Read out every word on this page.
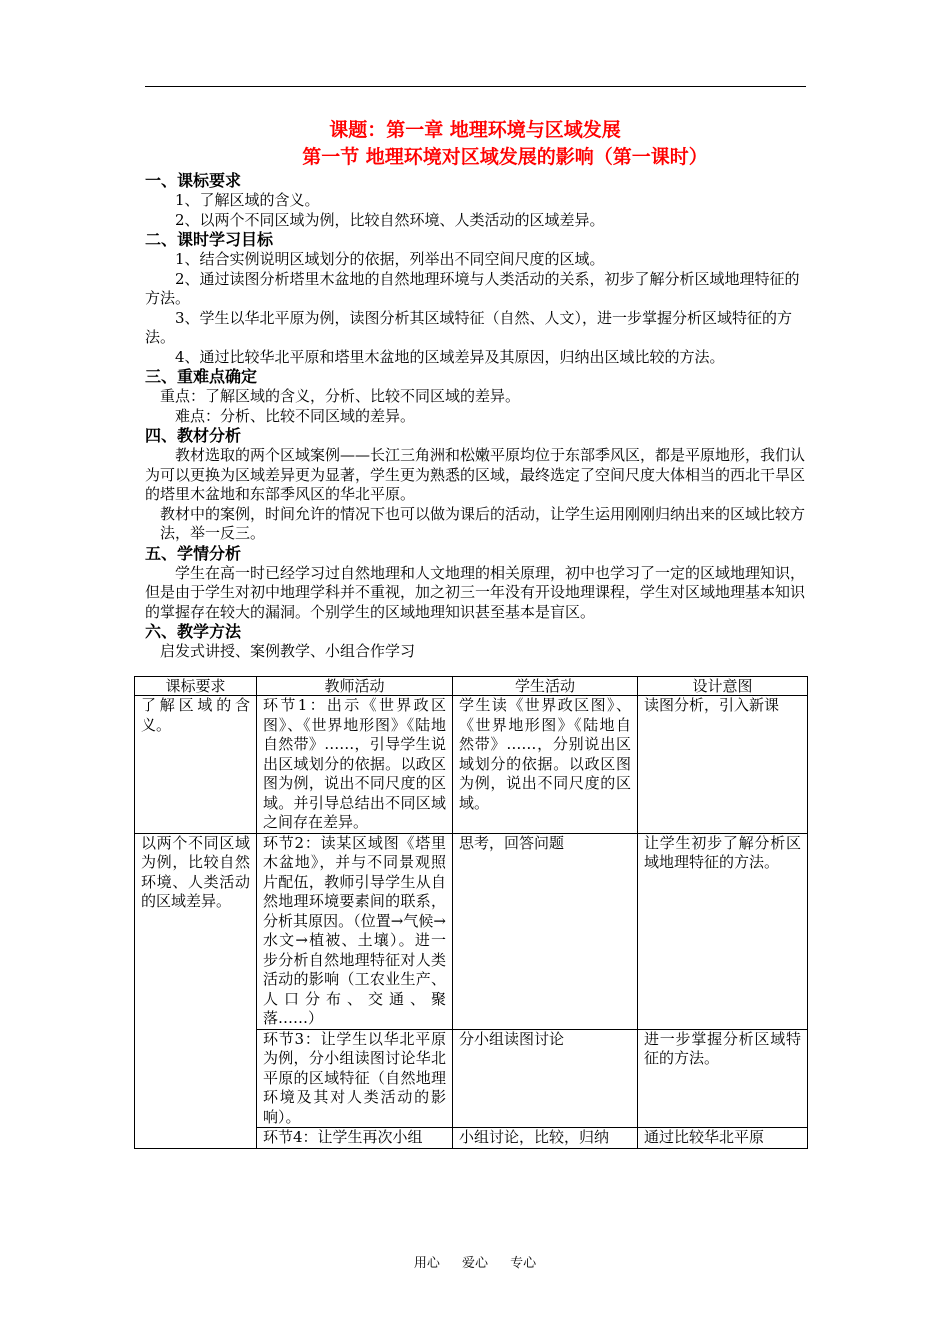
课题：第一章 地理环境与区域发展
第一节 地理环境对区域发展的影响（第一课时）

一、课标要求

1、了解区域的含义。

2、以两个不同区域为例，比较自然环境、人类活动的区域差异。

二、课时学习目标

1、结合实例说明区域划分的依据，列举出不同空间尺度的区域。

2、通过读图分析塔里木盆地的自然地理环境与人类活动的关系，初步了解分析区域地理特征的方法。

3、学生以华北平原为例，读图分析其区域特征（自然、人文），进一步掌握分析区域特征的方法。

4、通过比较华北平原和塔里木盆地的区域差异及其原因，归纳出区域比较的方法。

三、重难点确定

重点：了解区域的含义，分析、比较不同区域的差异。

难点：分析、比较不同区域的差异。

四、教材分析

教材选取的两个区域案例——长江三角洲和松嫩平原均位于东部季风区，都是平原地形，我们认为可以更换为区域差异更为显著，学生更为熟悉的区域，最终选定了空间尺度大体相当的西北干旱区的塔里木盆地和东部季风区的华北平原。

教材中的案例，时间允许的情况下也可以做为课后的活动，让学生运用刚刚归纳出来的区域比较方法，举一反三。

五、学情分析

学生在高一时已经学习过自然地理和人文地理的相关原理，初中也学习了一定的区域地理知识，但是由于学生对初中地理学科并不重视，加之初三一年没有开设地理课程，学生对区域地理基本知识的掌握存在较大的漏洞。个别学生的区域地理知识甚至基本是盲区。

六、教学方法

启发式讲授、案例教学、小组合作学习

课标要求	教师活动	学生活动	设计意图
了解区域的含义。	环节1：出示《世界政区图》、《世界地形图》《陆地自然带》……，引导学生说出区域划分的依据。以政区图为例，说出不同尺度的区域。并引导总结出不同区域之间存在差异。	学生读《世界政区图》、《世界地形图》《陆地自然带》……，分别说出区域划分的依据。以政区图为例，说出不同尺度的区域。	读图分析，引入新课
以两个不同区域为例，比较自然环境、人类活动的区域差异。	环节2：读某区域图《塔里木盆地》，并与不同景观照片配伍，教师引导学生从自然地理环境要素间的联系，分析其原因。（位置→气候→水文→植被、土壤）。进一步分析自然地理特征对人类活动的影响（工农业生产、人口分布、交通、聚落……）	思考，回答问题	让学生初步了解分析区域地理特征的方法。
	环节3：让学生以华北平原为例，分小组读图讨论华北平原的区域特征（自然地理环境及其对人类活动的影响）。	分小组读图讨论	进一步掌握分析区域特征的方法。
	环节4：让学生再次小组	小组讨论，比较，归纳	通过比较华北平原
用心 爱心 专心
